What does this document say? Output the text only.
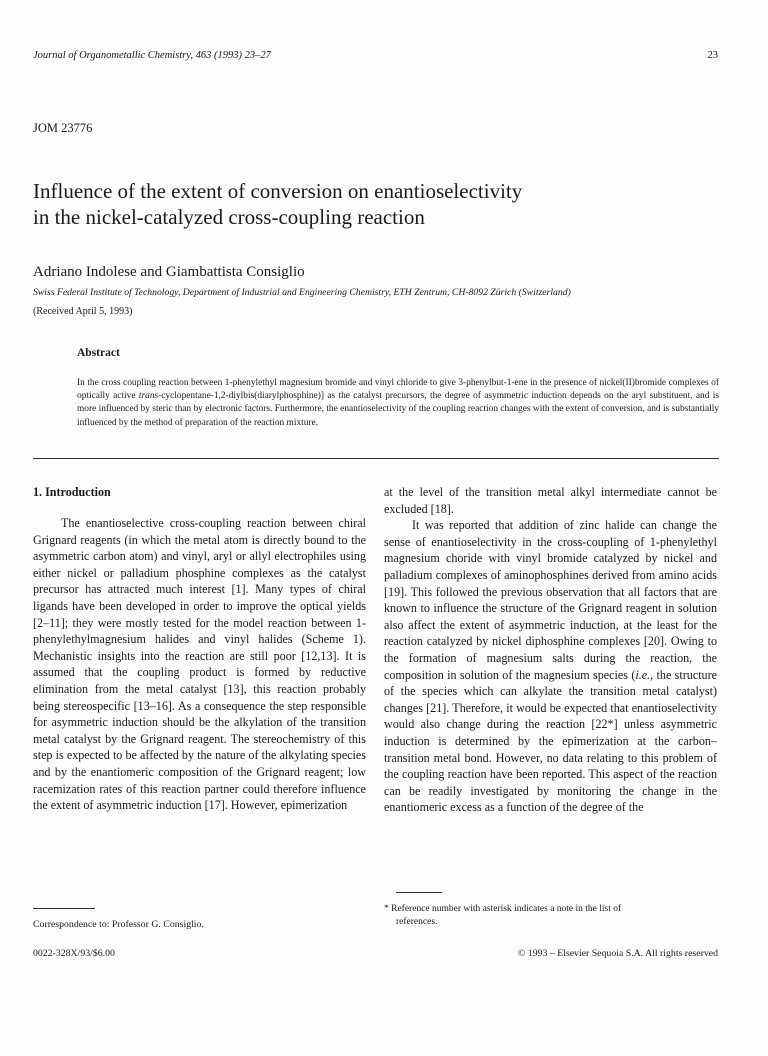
Journal of Organometallic Chemistry, 463 (1993) 23–27	23
JOM 23776
Influence of the extent of conversion on enantioselectivity
in the nickel-catalyzed cross-coupling reaction
Adriano Indolese and Giambattista Consiglio
Swiss Federal Institute of Technology, Department of Industrial and Engineering Chemistry, ETH Zentrum, CH-8092 Zürich (Switzerland)
(Received April 5, 1993)
Abstract
In the cross coupling reaction between 1-phenylethyl magnesium bromide and vinyl chloride to give 3-phenylbut-1-ene in the presence of nickel(II)bromide complexes of optically active trans-cyclopentane-1,2-diylbis(diarylphosphine)] as the catalyst precursors, the degree of asymmetric induction depends on the aryl substituent, and is more influenced by steric than by electronic factors. Furthermore, the enantioselectivity of the coupling reaction changes with the extent of conversion, and is substantially influenced by the method of preparation of the reaction mixture.
1. Introduction

The enantioselective cross-coupling reaction between chiral Grignard reagents (in which the metal atom is directly bound to the asymmetric carbon atom) and vinyl, aryl or allyl electrophiles using either nickel or palladium phosphine complexes as the catalyst precursor has attracted much interest [1]. Many types of chiral ligands have been developed in order to improve the optical yields [2–11]; they were mostly tested for the model reaction between 1-phenylethylmagnesium halides and vinyl halides (Scheme 1). Mechanistic insights into the reaction are still poor [12,13]. It is assumed that the coupling product is formed by reductive elimination from the metal catalyst [13], this reaction probably being stereospecific [13–16]. As a consequence the step responsible for asymmetric induction should be the alkylation of the transition metal catalyst by the Grignard reagent. The stereochemistry of this step is expected to be affected by the nature of the alkylating species and by the enantiomeric composition of the Grignard reagent; low racemization rates of this reaction partner could therefore influence the extent of asymmetric induction [17]. However, epimerization

at the level of the transition metal alkyl intermediate cannot be excluded [18].

It was reported that addition of zinc halide can change the sense of enantioselectivity in the cross-coupling of 1-phenylethyl magnesium choride with vinyl bromide catalyzed by nickel and palladium complexes of aminophosphines derived from amino acids [19]. This followed the previous observation that all factors that are known to influence the structure of the Grignard reagent in solution also affect the extent of asymmetric induction, at the least for the reaction catalyzed by nickel diphosphine complexes [20]. Owing to the formation of magnesium salts during the reaction, the composition in solution of the magnesium species (i.e., the structure of the species which can alkylate the transition metal catalyst) changes [21]. Therefore, it would be expected that enantioselectivity would also change during the reaction [22*] unless asymmetric induction is determined by the epimerization at the carbon–transition metal bond. However, no data relating to this problem of the coupling reaction have been reported. This aspect of the reaction can be readily investigated by monitoring the change in the enantiomeric excess as a function of the degree of the

Correspondence to: Professor G. Consiglio.
* Reference number with asterisk indicates a note in the list of
references.
0022-328X/93/$6.00	© 1993 – Elsevier Sequoia S.A. All rights reserved
